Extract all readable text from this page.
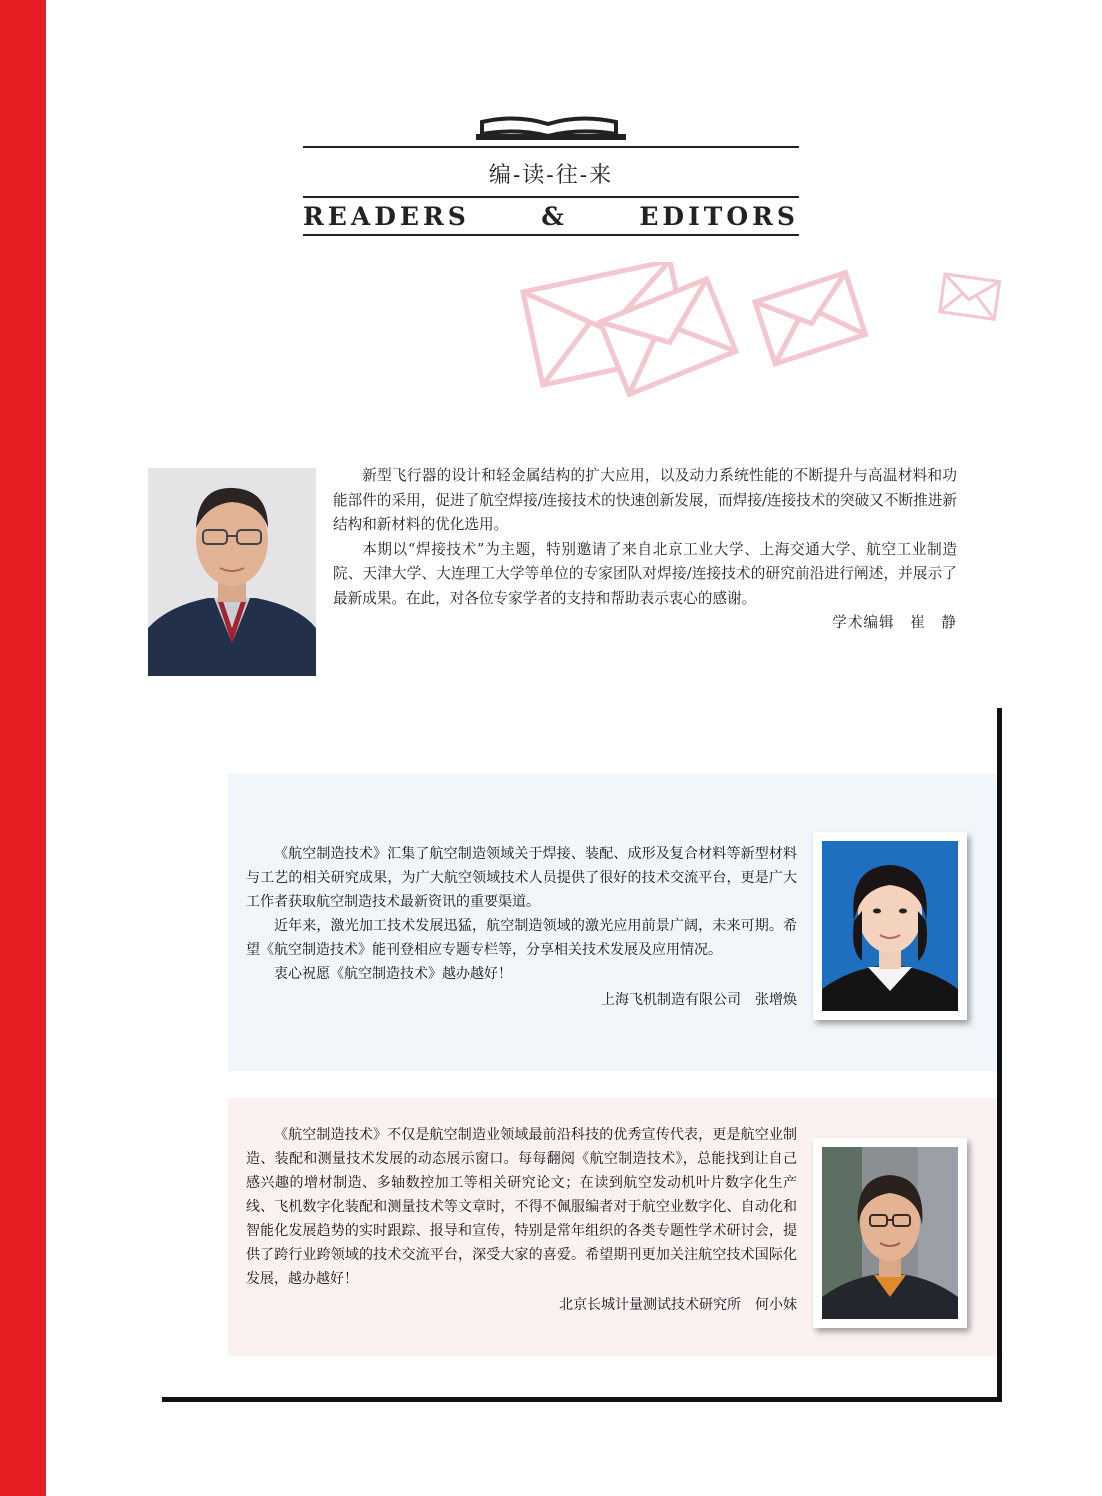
编-读-往-来
READERS	&	EDITORS

新型飞行器的设计和轻金属结构的扩大应用，以及动力系统性能的不断提升与高温材料和功能部件的采用，促进了航空焊接/连接技术的快速创新发展，而焊接/连接技术的突破又不断推进新结构和新材料的优化选用。

本期以“焊接技术”为主题，特别邀请了来自北京工业大学、上海交通大学、航空工业制造院、天津大学、大连理工大学等单位的专家团队对焊接/连接技术的研究前沿进行阐述，并展示了最新成果。在此，对各位专家学者的支持和帮助表示衷心的感谢。

学术编辑　崔　静

《航空制造技术》汇集了航空制造领域关于焊接、装配、成形及复合材料等新型材料与工艺的相关研究成果，为广大航空领域技术人员提供了很好的技术交流平台，更是广大工作者获取航空制造技术最新资讯的重要渠道。

近年来，激光加工技术发展迅猛，航空制造领域的激光应用前景广阔，未来可期。希望《航空制造技术》能刊登相应专题专栏等，分享相关技术发展及应用情况。

衷心祝愿《航空制造技术》越办越好！

上海飞机制造有限公司　张增焕

《航空制造技术》不仅是航空制造业领域最前沿科技的优秀宣传代表，更是航空业制造、装配和测量技术发展的动态展示窗口。每每翻阅《航空制造技术》，总能找到让自己感兴趣的增材制造、多轴数控加工等相关研究论文；在读到航空发动机叶片数字化生产线、飞机数字化装配和测量技术等文章时，不得不佩服编者对于航空业数字化、自动化和智能化发展趋势的实时跟踪、报导和宣传，特别是常年组织的各类专题性学术研讨会，提供了跨行业跨领域的技术交流平台，深受大家的喜爱。希望期刊更加关注航空技术国际化发展，越办越好！

北京长城计量测试技术研究所　何小妹
